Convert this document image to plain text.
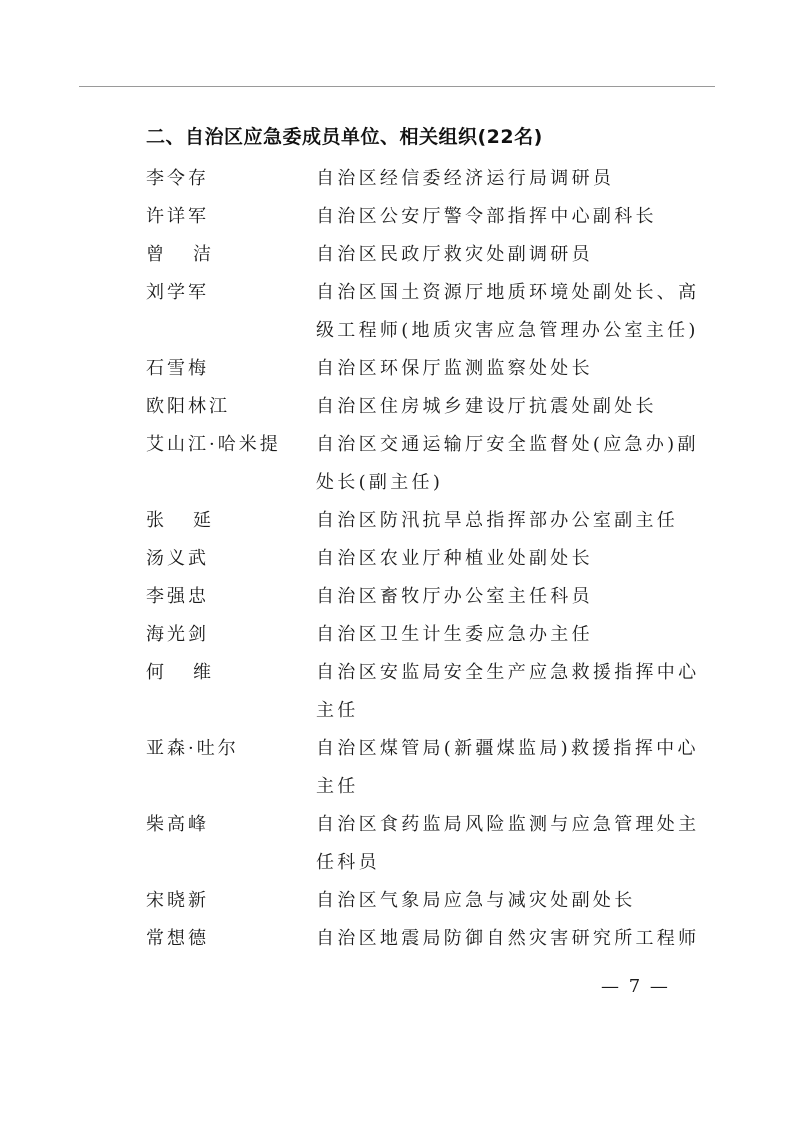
二、自治区应急委成员单位、相关组织(22名)
李令存	自治区经信委经济运行局调研员
许详军	自治区公安厅警令部指挥中心副科长
曾洁	自治区民政厅救灾处副调研员
刘学军	自治区国土资源厅地质环境处副处长、高
级工程师(地质灾害应急管理办公室主任)
石雪梅	自治区环保厅监测监察处处长
欧阳林江	自治区住房城乡建设厅抗震处副处长
艾山江·哈米提 自治区交通运输厅安全监督处(应急办)副
处长(副主任)
张延	自治区防汛抗旱总指挥部办公室副主任
汤义武	自治区农业厅种植业处副处长
李强忠	自治区畜牧厅办公室主任科员
海光剑	自治区卫生计生委应急办主任
何维	自治区安监局安全生产应急救援指挥中心
主任
亚森·吐尔	自治区煤管局(新疆煤监局)救援指挥中心
主任
柴高峰	自治区食药监局风险监测与应急管理处主
任科员
宋晓新	自治区气象局应急与减灾处副处长
常想德	自治区地震局防御自然灾害研究所工程师
— 7 —
